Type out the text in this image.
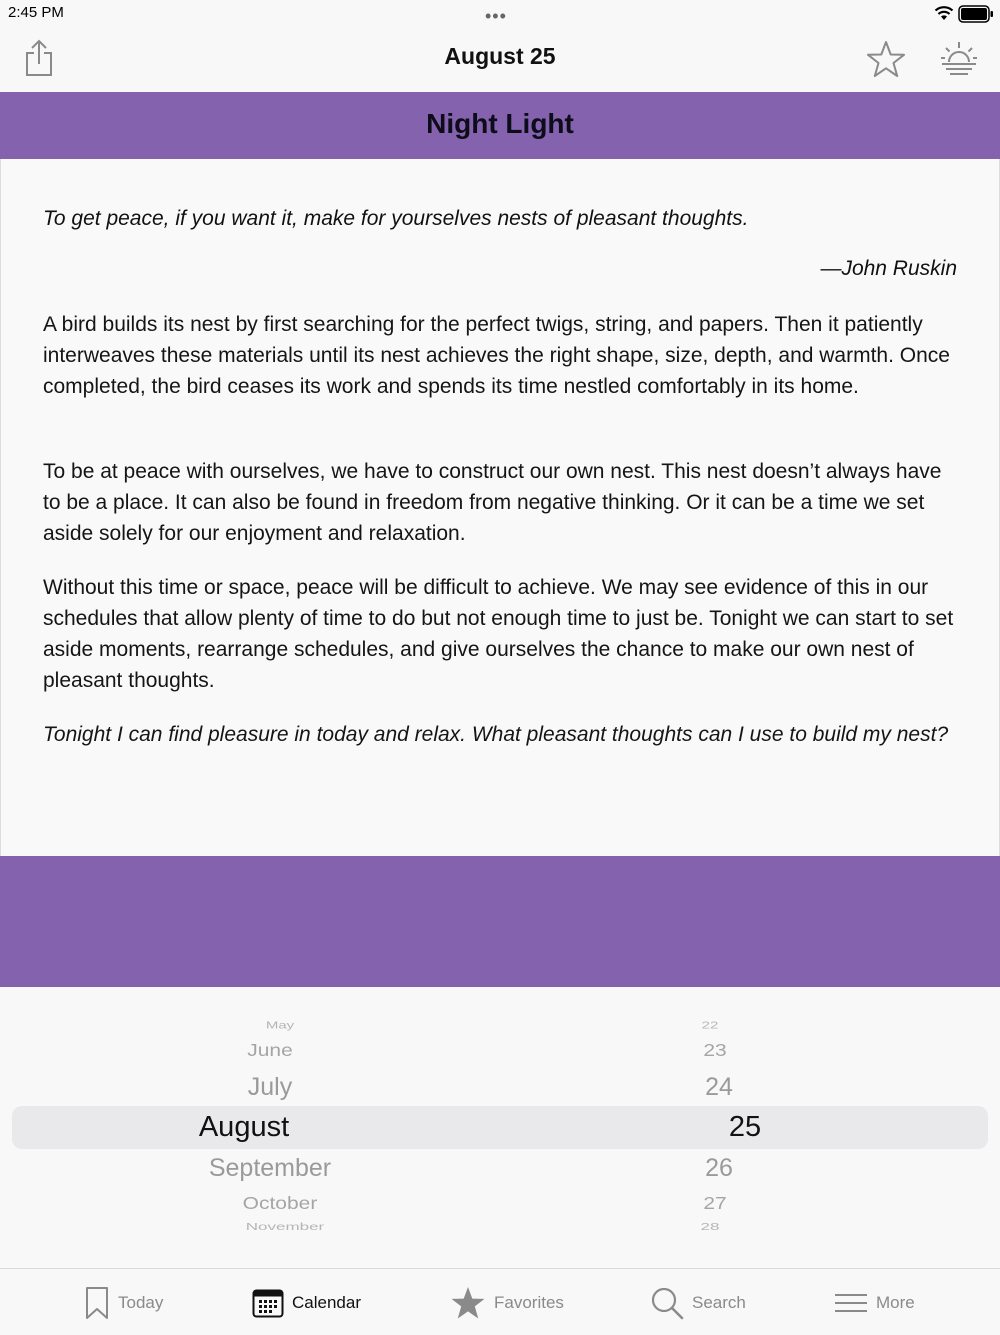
2:45 PM	•••
August 25
Night Light
To get peace, if you want it, make for yourselves nests of pleasant thoughts.
—John Ruskin
A bird builds its nest by first searching for the perfect twigs, string, and papers. Then it patiently interweaves these materials until its nest achieves the right shape, size, depth, and warmth. Once completed, the bird ceases its work and spends its time nestled comfortably in its home.
To be at peace with ourselves, we have to construct our own nest. This nest doesn’t always have to be a place. It can also be found in freedom from negative thinking. Or it can be a time we set aside solely for our enjoyment and relaxation.
Without this time or space, peace will be difficult to achieve. We may see evidence of this in our schedules that allow plenty of time to do but not enough time to just be. Tonight we can start to set aside moments, rearrange schedules, and give ourselves the chance to make our own nest of pleasant thoughts.
Tonight I can find pleasure in today and relax. What pleasant thoughts can I use to build my nest?
May
June
July
August
September
October
November
22
23
24
25
26
27
28
Today	Calendar	Favorites	Search	More
